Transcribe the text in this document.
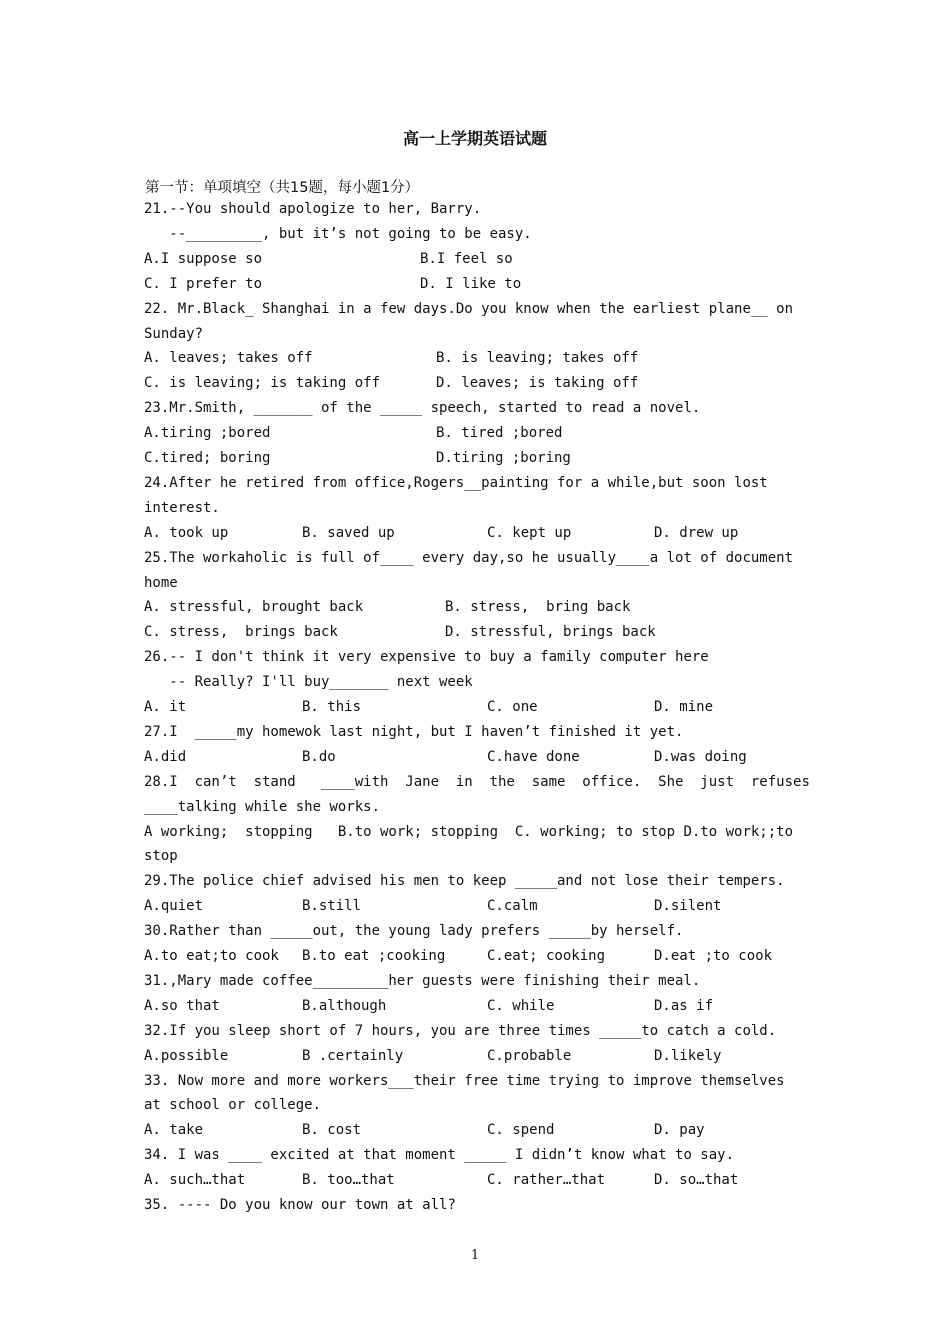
高一上学期英语试题
第一节：单项填空（共15题，每小题1分）
21.--You should apologize to her, Barry.
--_________, but it’s not going to be easy.
A.I suppose so	B.I feel so
C. I prefer to	D. I like to
22. Mr.Black_ Shanghai in a few days.Do you know when the earliest plane__ on
Sunday?
A. leaves; takes off	B. is leaving; takes off
C. is leaving; is taking off	D. leaves; is taking off
23.Mr.Smith, _______ of the _____ speech, started to read a novel.
A.tiring ;bored	B. tired ;bored
C.tired; boring	D.tiring ;boring
24.After he retired from office,Rogers__painting for a while,but soon lost
interest.
A. took up	B. saved up	C. kept up	D. drew up
25.The workaholic is full of____ every day,so he usually____a lot of document
home
A. stressful, brought back	B. stress,  bring back
C. stress,  brings back	D. stressful, brings back
26.-- I don't think it very expensive to buy a family computer here
-- Really? I'll buy_______ next week
A. it	B. this	C. one	D. mine
27.I  _____my homewok last night, but I haven’t finished it yet.
A.did	B.do	C.have done	D.was doing
28.I  can’t  stand   ____with  Jane  in  the  same  office.  She  just  refuses
____talking while she works.
A working;  stopping   B.to work; stopping  C. working; to stop D.to work;;to
stop
29.The police chief advised his men to keep _____and not lose their tempers.
A.quiet	B.still	C.calm	D.silent
30.Rather than _____out, the young lady prefers _____by herself.
A.to eat;to cook B.to eat ;cooking	C.eat; cooking	D.eat ;to cook
31.,Mary made coffee_________her guests were finishing their meal.
A.so that	B.although	C. while	D.as if
32.If you sleep short of 7 hours, you are three times _____to catch a cold.
A.possible	B .certainly	C.probable	D.likely
33. Now more and more workers___their free time trying to improve themselves
at school or college.
A. take	B. cost	C. spend	D. pay
34. I was ____ excited at that moment _____ I didn’t know what to say.
A. such…that	B. too…that	C. rather…that	D. so…that
35. ---- Do you know our town at all?
1
